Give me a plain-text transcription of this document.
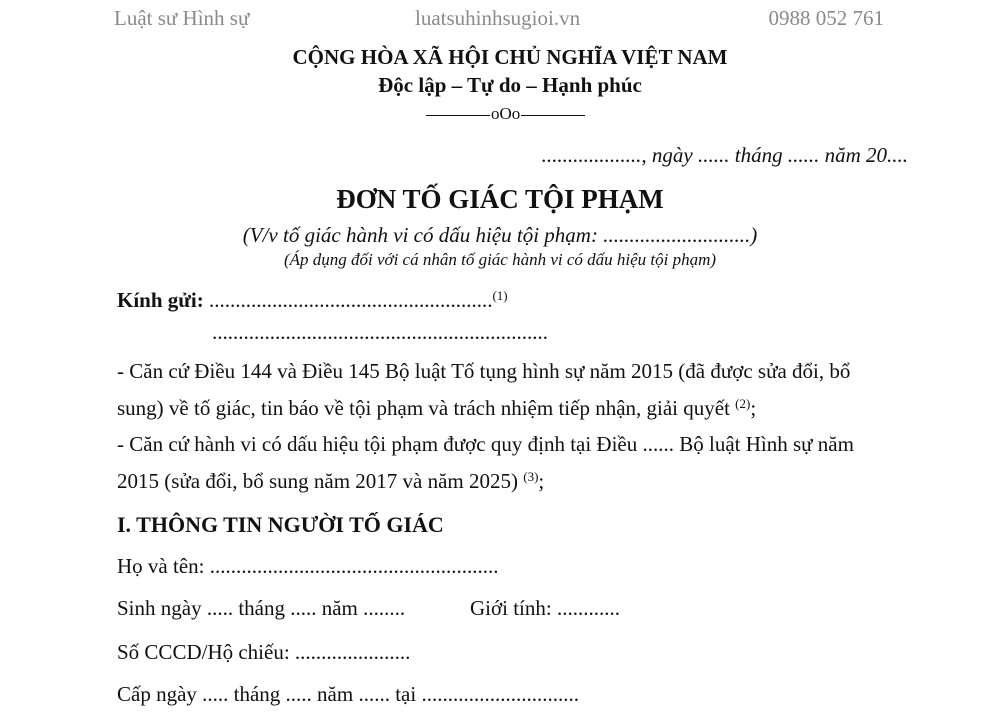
Luật sư Hình sự	luatsuhinhsugioi.vn	0988 052 761
CỘNG HÒA XÃ HỘI CHỦ NGHĨA VIỆT NAM
Độc lập – Tự do – Hạnh phúc
oOo
..................., ngày ...... tháng ...... năm 20....
ĐƠN TỐ GIÁC TỘI PHẠM
(V/v tố giác hành vi có dấu hiệu tội phạm: ............................)
(Áp dụng đối với cá nhân tố giác hành vi có dấu hiệu tội phạm)
Kính gửi: ......................................................$^{(1)}$
................................................................
- Căn cứ Điều 144 và Điều 145 Bộ luật Tố tụng hình sự năm 2015 (đã được sửa đổi, bổ
sung) về tố giác, tin báo về tội phạm và trách nhiệm tiếp nhận, giải quyết $^{(2)}$;
- Căn cứ hành vi có dấu hiệu tội phạm được quy định tại Điều ...... Bộ luật Hình sự năm
2015 (sửa đổi, bổ sung năm 2017 và năm 2025) $^{(3)}$;
I. THÔNG TIN NGƯỜI TỐ GIÁC
Họ và tên: .......................................................
Sinh ngày ..... tháng ..... năm ........	Giới tính: ............
Số CCCD/Hộ chiếu: ......................
Cấp ngày ..... tháng ..... năm ...... tại ..............................
